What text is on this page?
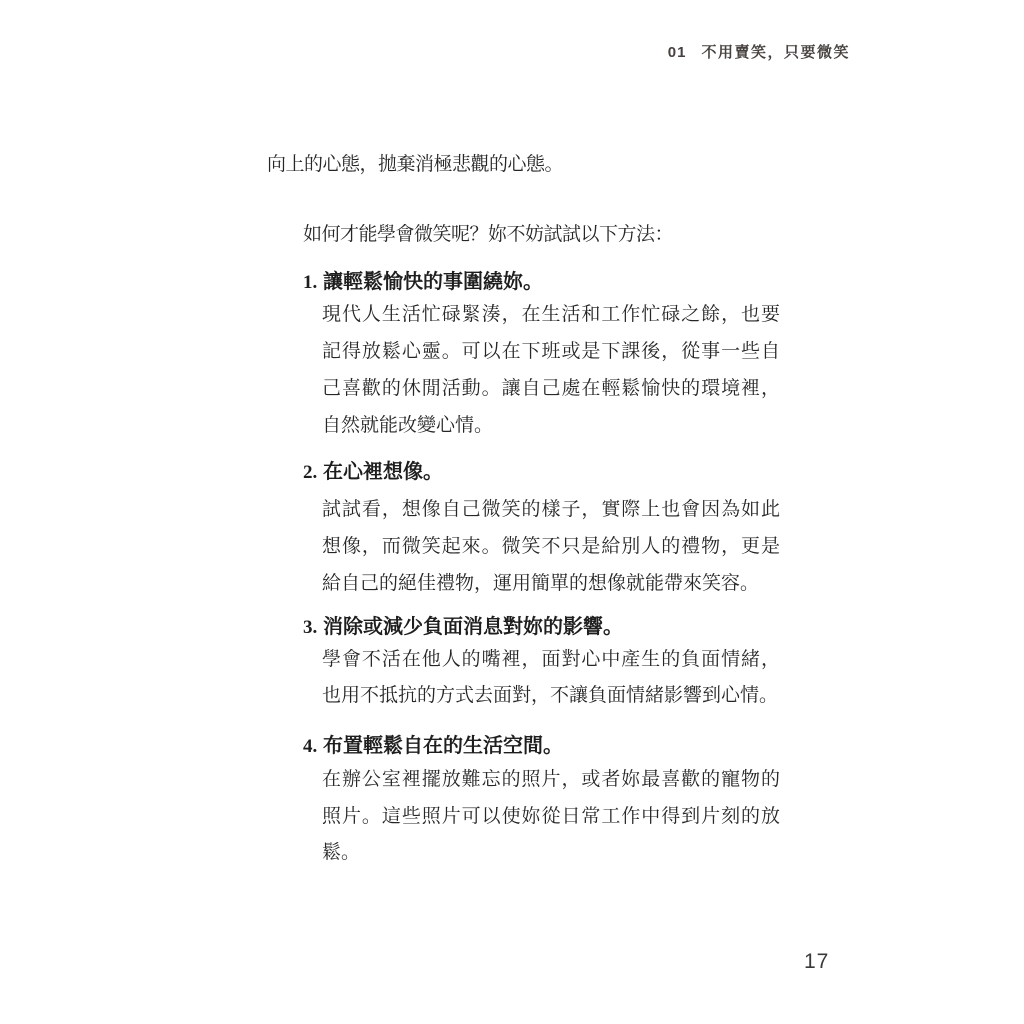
01 不用賣笑，只要微笑
向上的心態，拋棄消極悲觀的心態。
如何才能學會微笑呢？妳不妨試試以下方法：
1. 讓輕鬆愉快的事圍繞妳。
現代人生活忙碌緊湊，在生活和工作忙碌之餘，也要
記得放鬆心靈。可以在下班或是下課後，從事一些自
己喜歡的休閒活動。讓自己處在輕鬆愉快的環境裡，
自然就能改變心情。
2. 在心裡想像。
試試看，想像自己微笑的樣子，實際上也會因為如此
想像，而微笑起來。微笑不只是給別人的禮物，更是
給自己的絕佳禮物，運用簡單的想像就能帶來笑容。
3. 消除或減少負面消息對妳的影響。
學會不活在他人的嘴裡，面對心中產生的負面情緒，
也用不抵抗的方式去面對，不讓負面情緒影響到心情。
4. 布置輕鬆自在的生活空間。
在辦公室裡擺放難忘的照片，或者妳最喜歡的寵物的
照片。這些照片可以使妳從日常工作中得到片刻的放
鬆。
17
